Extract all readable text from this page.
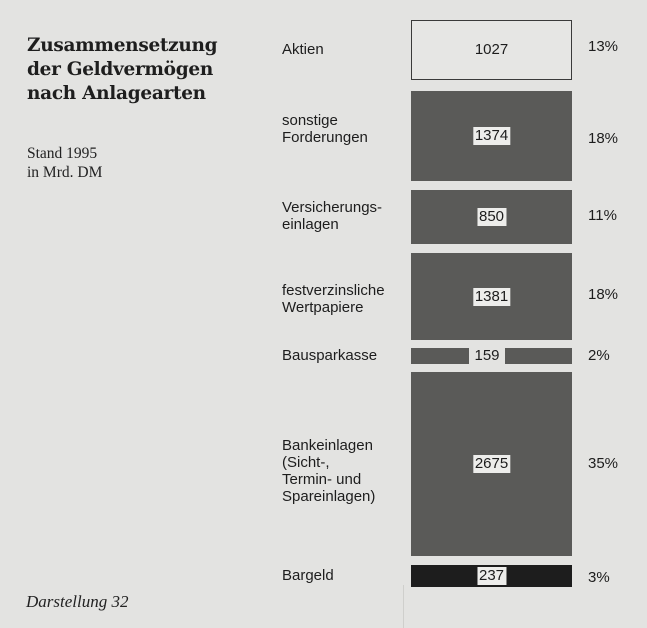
Zusammensetzung
der Geldvermögen
nach Anlagearten
Stand 1995
in Mrd. DM
Aktien	1027	13%
sonstige
Forderungen	1374	18%
Versicherungs-
einlagen	850	11%
festverzinsliche
Wertpapiere
1381	18%
Bausparkasse	159	2%
Bankeinlagen
(Sicht-,
Termin- und
Spareinlagen)
2675	35%
Bargeld	237	3%
Darstellung 32
